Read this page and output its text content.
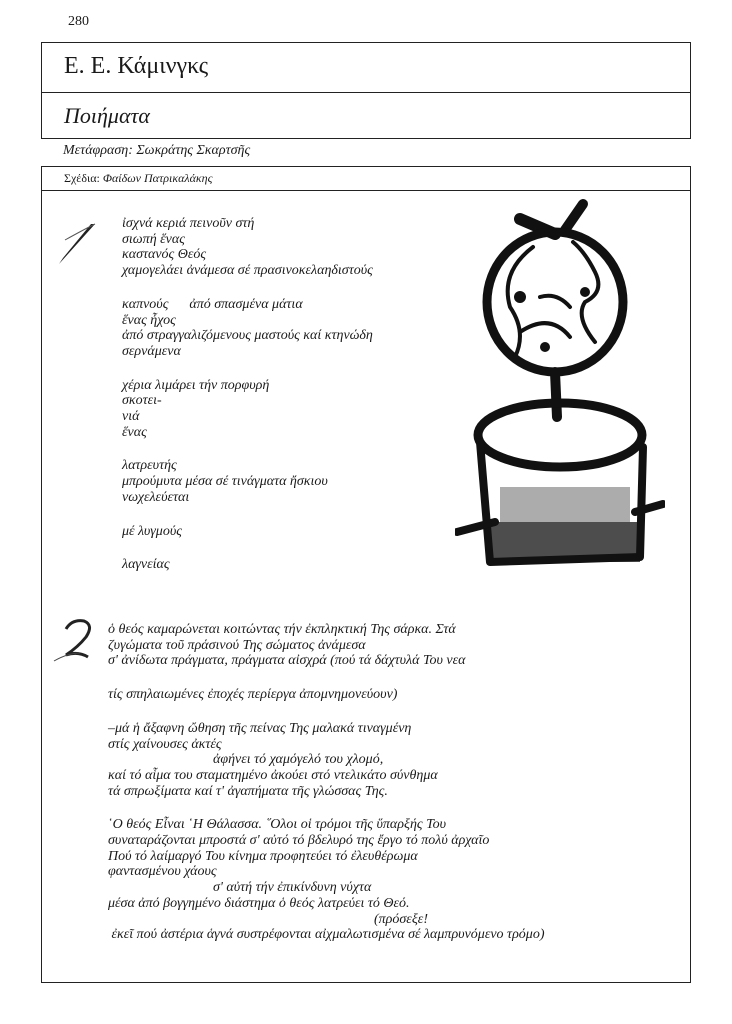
280
Ε. Ε. Κάμινγκς
Ποιήματα
Μετάφραση: Σωκράτης Σκαρτσῆς
Σχέδια: Φαίδων Πατρικαλάκης
ἰσχνά κεριά πεινοῦν στή
σιωπή ἕνας
καστανός Θεός
χαμογελάει ἀνάμεσα σέ πρασινοκελαηδιστούς
καπνούς      ἀπό σπασμένα μάτια
ἕνας ἦχος
ἀπό στραγγαλιζόμενους μαστούς καί κτηνώδη
σερνάμενα
χέρια λιμάρει τήν πορφυρή
σκοτει-
νιά
ἕνας
λατρευτής
μπρούμυτα μέσα σέ τινάγματα ἤσκιου
νωχελεύεται
μέ λυγμούς
λαγνείας
ὁ θεός καμαρώνεται κοιτώντας τήν ἐκπληκτική Της σάρκα. Στά
ζυγώματα τοῦ πράσινού Της σώματος ἀνάμεσα
σ' ἀνίδωτα πράγματα, πράγματα αἰσχρά (πού τά δάχτυλά Του νεα
τίς σπηλαιωμένες ἐποχές περίεργα ἀπομνημονεύουν)
–μά ἡ ἄξαφνη ὤθηση τῆς πείνας Της μαλακά τιναγμένη
στίς χαίνουσες ἀκτές
ἀφήνει τό χαμόγελό του χλομό,
καί τό αἷμα του σταματημένο ἀκούει στό ντελικάτο σύνθημα
τά σπρωξίματα καί τ' ἀγαπήματα τῆς γλώσσας Της.
῾Ο θεός Εἶναι ῾Η Θάλασσα. ῞Ολοι οἱ τρόμοι τῆς ὕπαρξής Του
συναταράζονται μπροστά σ' αὐτό τό βδελυρό της ἔργο τό πολύ ἀρχαῖο
Πού τό λαίμαργό Του κίνημα προφητεύει τό ἐλευθέρωμα
φαντασμένου χάους
σ' αὐτή τήν ἐπικίνδυνη νύχτα
μέσα ἀπό βογγημένο διάστημα ὁ θεός λατρεύει τό Θεό.
(πρόσεξε!
ἐκεῖ πού ἀστέρια ἁγνά συστρέφονται αἰχμαλωτισμένα σέ λαμπρυνόμενο τρόμο)
